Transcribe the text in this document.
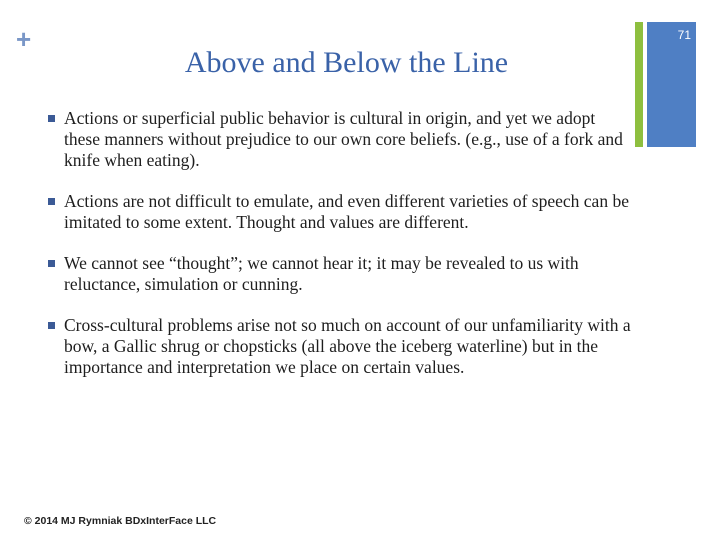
+	71
Above and Below the Line
Actions or superficial public behavior is cultural in origin, and yet we adopt these manners without prejudice to our own core beliefs. (e.g., use of a fork and knife when eating).
Actions are not difficult to emulate, and even different varieties of speech can be imitated to some extent. Thought and values are different.
We cannot see “thought”; we cannot hear it; it may be revealed to us with reluctance, simulation or cunning.
Cross-cultural problems arise not so much on account of our unfamiliarity with a bow, a Gallic shrug or chopsticks (all above the iceberg waterline) but in the importance and interpretation we place on certain values.
© 2014 MJ Rymniak BDxInterFace LLC
